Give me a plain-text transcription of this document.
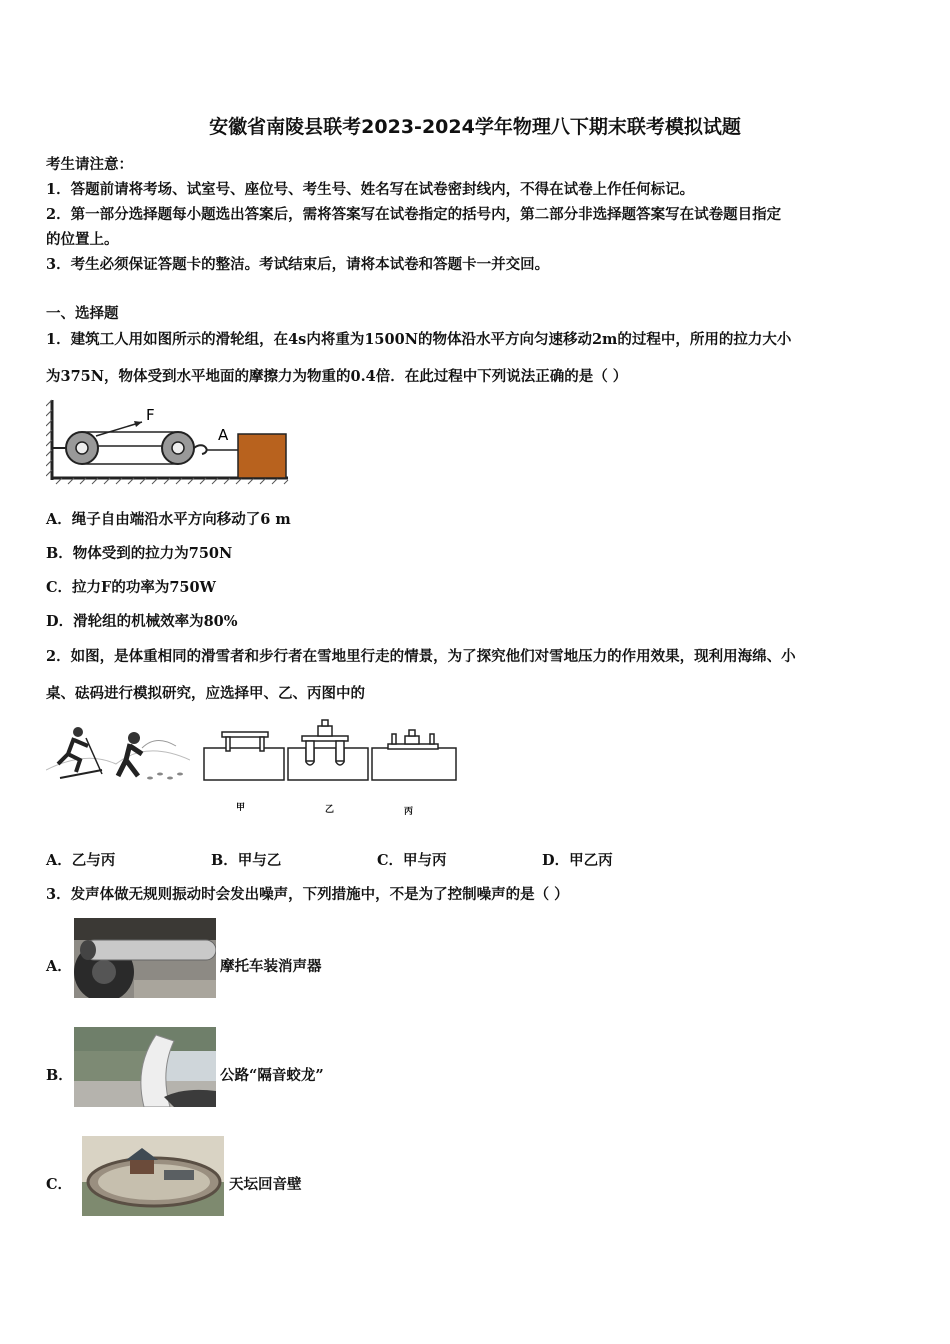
安徽省南陵县联考2023-2024学年物理八下期末联考模拟试题
考生请注意：
1．答题前请将考场、试室号、座位号、考生号、姓名写在试卷密封线内，不得在试卷上作任何标记。
2．第一部分选择题每小题选出答案后，需将答案写在试卷指定的括号内，第二部分非选择题答案写在试卷题目指定
的位置上。
3．考生必须保证答题卡的整洁。考试结束后，请将本试卷和答题卡一并交回。
一、选择题
1．建筑工人用如图所示的滑轮组，在4s内将重为1500N的物体沿水平方向匀速移动2m的过程中，所用的拉力大小
为375N，物体受到水平地面的摩擦力为物重的0.4倍．在此过程中下列说法正确的是（ ）
F
A
A．绳子自由端沿水平方向移动了6 m
B．物体受到的拉力为750N
C．拉力F的功率为750W
D．滑轮组的机械效率为80%
2．如图，是体重相同的滑雪者和步行者在雪地里行走的情景，为了探究他们对雪地压力的作用效果，现利用海绵、小
桌、砝码进行模拟研究，应选择甲、乙、丙图中的
甲	乙	丙
A．乙与丙	B．甲与乙	C．甲与丙	D．甲乙丙
3．发声体做无规则振动时会发出噪声，下列措施中，不是为了控制噪声的是（ ）
A．	摩托车装消声器
B．	公路“隔音蛟龙”
C．	天坛回音壁
